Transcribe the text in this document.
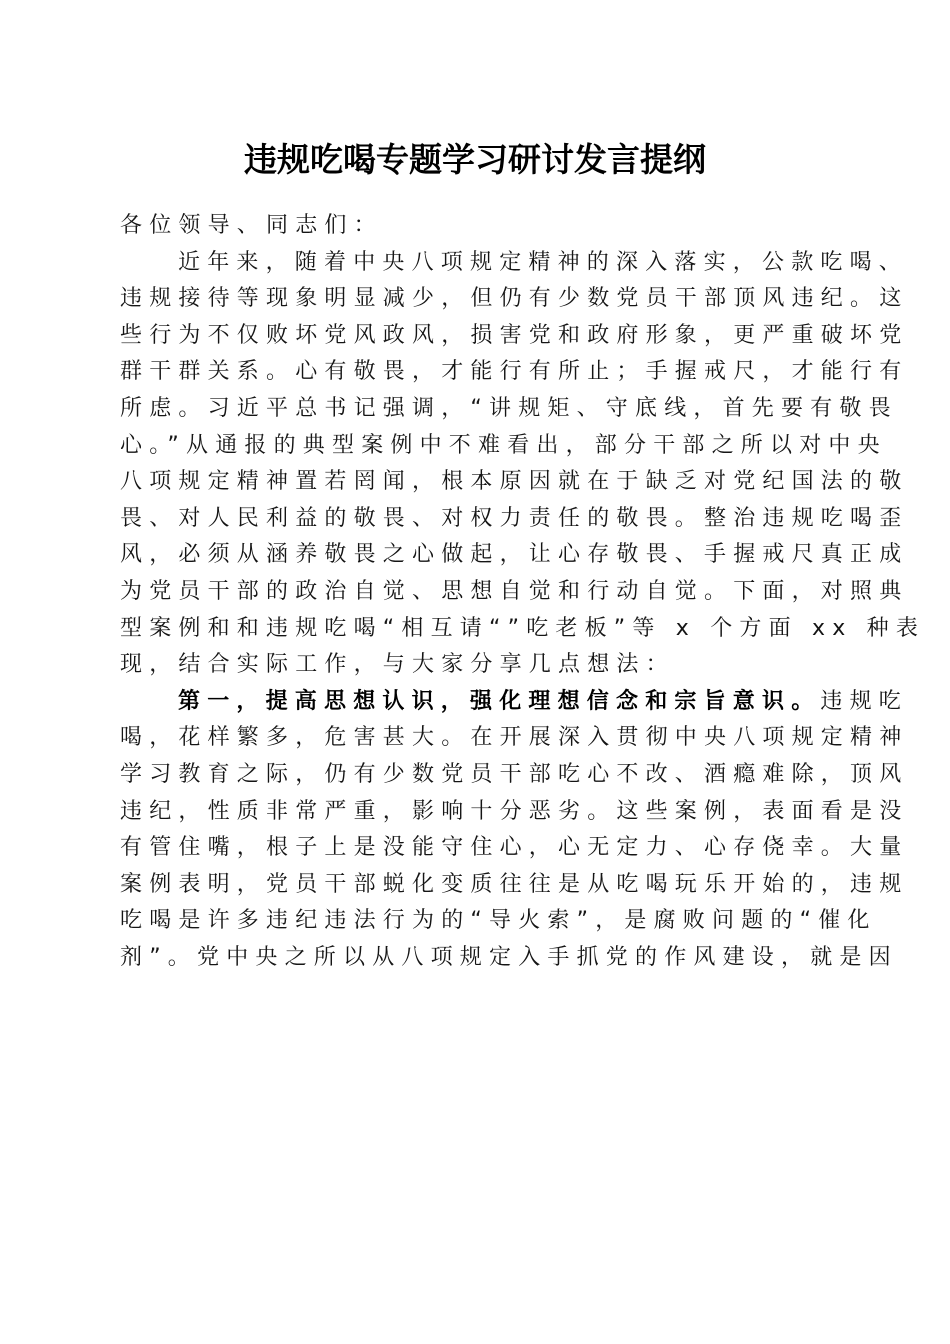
违规吃喝专题学习研讨发言提纲
各位领导、同志们：
近年来，随着中央八项规定精神的深入落实，公款吃喝、
违规接待等现象明显减少，但仍有少数党员干部顶风违纪。这
些行为不仅败坏党风政风，损害党和政府形象，更严重破坏党
群干群关系。心有敬畏，才能行有所止；手握戒尺，才能行有
所虑。习近平总书记强调，“讲规矩、守底线，首先要有敬畏
心。”从通报的典型案例中不难看出，部分干部之所以对中央
八项规定精神置若罔闻，根本原因就在于缺乏对党纪国法的敬
畏、对人民利益的敬畏、对权力责任的敬畏。整治违规吃喝歪
风，必须从涵养敬畏之心做起，让心存敬畏、手握戒尺真正成
为党员干部的政治自觉、思想自觉和行动自觉。下面，对照典
型案例和和违规吃喝“相互请“”吃老板”等 x 个方面 xx 种表
现，结合实际工作，与大家分享几点想法：
第一，提高思想认识，强化理想信念和宗旨意识。违规吃
喝，花样繁多，危害甚大。在开展深入贯彻中央八项规定精神
学习教育之际，仍有少数党员干部吃心不改、酒瘾难除，顶风
违纪，性质非常严重，影响十分恶劣。这些案例，表面看是没
有管住嘴，根子上是没能守住心，心无定力、心存侥幸。大量
案例表明，党员干部蜕化变质往往是从吃喝玩乐开始的，违规
吃喝是许多违纪违法行为的“导火索”，是腐败问题的“催化
剂”。党中央之所以从八项规定入手抓党的作风建设，就是因
